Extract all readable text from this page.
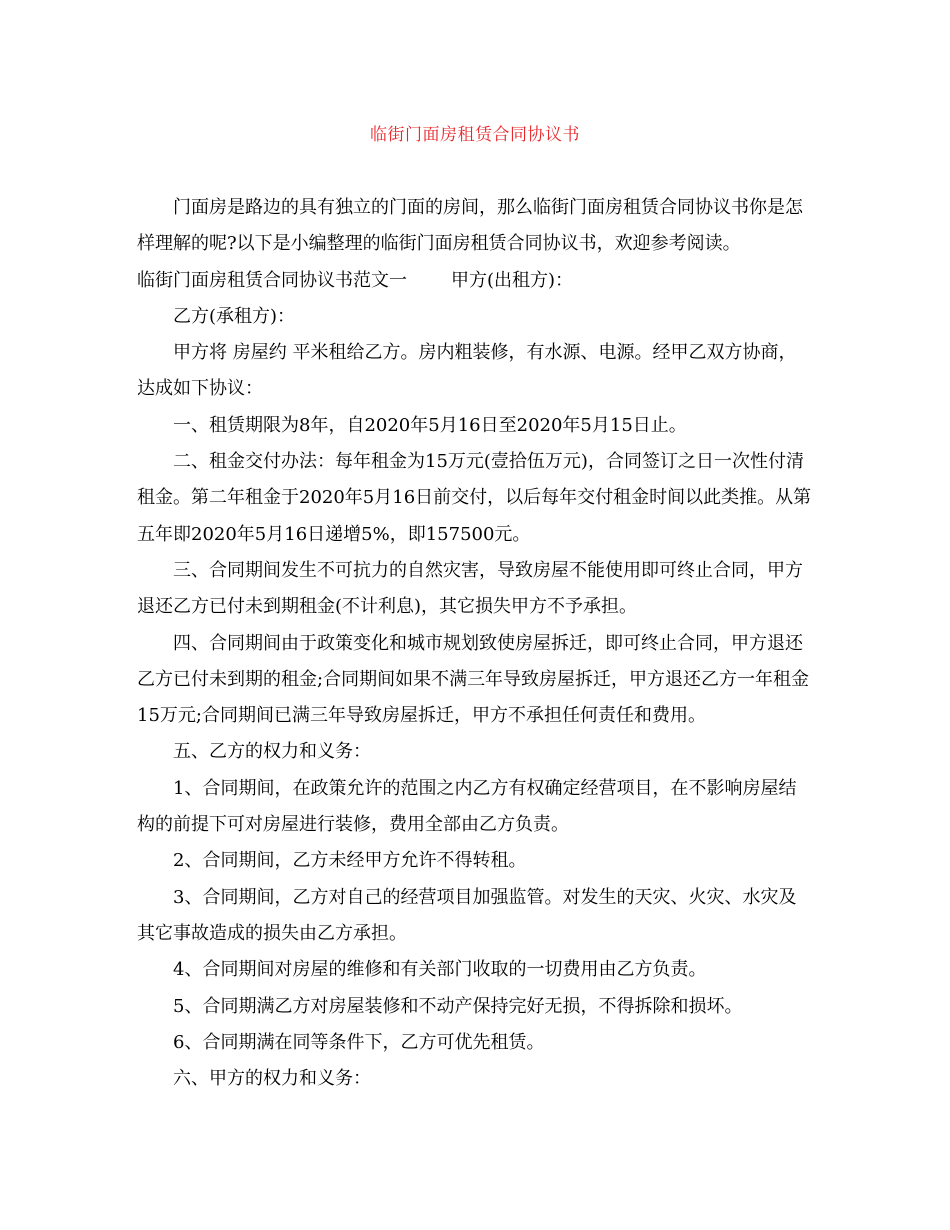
临街门面房租赁合同协议书

门面房是路边的具有独立的门面的房间，那么临街门面房租赁合同协议书你是怎样理解的呢?以下是小编整理的临街门面房租赁合同协议书，欢迎参考阅读。

临街门面房租赁合同协议书范文一 甲方(出租方)：

乙方(承租方)：

甲方将 房屋约 平米租给乙方。房内粗装修，有水源、电源。经甲乙双方协商，达成如下协议：

一、租赁期限为8年，自2020年5月16日至2020年5月15日止。

二、租金交付办法：每年租金为15万元(壹拾伍万元)，合同签订之日一次性付清租金。第二年租金于2020年5月16日前交付，以后每年交付租金时间以此类推。从第五年即2020年5月16日递增5%，即157500元。

三、合同期间发生不可抗力的自然灾害，导致房屋不能使用即可终止合同，甲方退还乙方已付未到期租金(不计利息)，其它损失甲方不予承担。

四、合同期间由于政策变化和城市规划致使房屋拆迁，即可终止合同，甲方退还乙方已付未到期的租金;合同期间如果不满三年导致房屋拆迁，甲方退还乙方一年租金15万元;合同期间已满三年导致房屋拆迁，甲方不承担任何责任和费用。

五、乙方的权力和义务：

1、合同期间，在政策允许的范围之内乙方有权确定经营项目，在不影响房屋结构的前提下可对房屋进行装修，费用全部由乙方负责。

2、合同期间，乙方未经甲方允许不得转租。

3、合同期间，乙方对自己的经营项目加强监管。对发生的天灾、火灾、水灾及其它事故造成的损失由乙方承担。

4、合同期间对房屋的维修和有关部门收取的一切费用由乙方负责。

5、合同期满乙方对房屋装修和不动产保持完好无损，不得拆除和损坏。

6、合同期满在同等条件下，乙方可优先租赁。

六、甲方的权力和义务：
